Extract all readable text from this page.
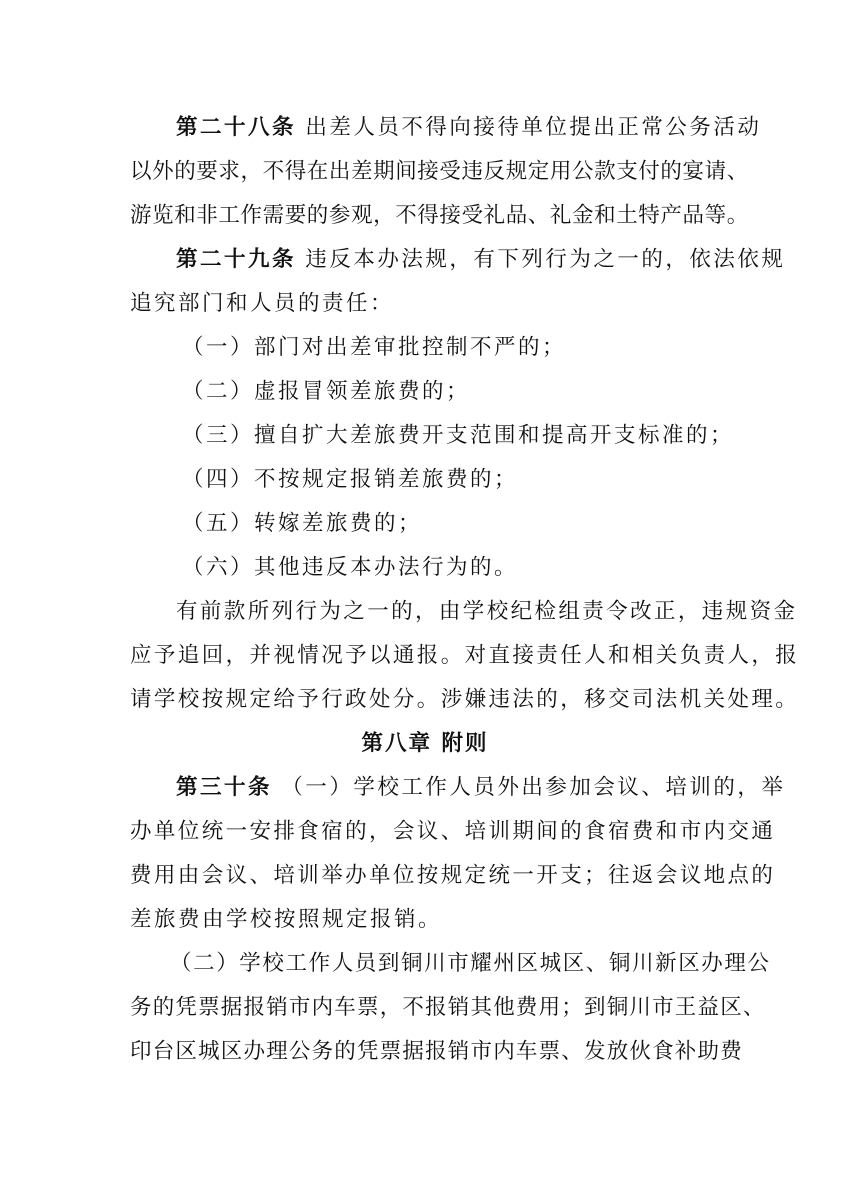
第二十八条 出差人员不得向接待单位提出正常公务活动
以外的要求，不得在出差期间接受违反规定用公款支付的宴请、
游览和非工作需要的参观，不得接受礼品、礼金和土特产品等。
第二十九条 违反本办法规，有下列行为之一的，依法依规
追究部门和人员的责任：
（一）部门对出差审批控制不严的；
（二）虚报冒领差旅费的；
（三）擅自扩大差旅费开支范围和提高开支标准的；
（四）不按规定报销差旅费的；
（五）转嫁差旅费的；
（六）其他违反本办法行为的。
有前款所列行为之一的，由学校纪检组责令改正，违规资金
应予追回，并视情况予以通报。对直接责任人和相关负责人，报
请学校按规定给予行政处分。涉嫌违法的，移交司法机关处理。
第八章 附则
第三十条 （一）学校工作人员外出参加会议、培训的，举
办单位统一安排食宿的，会议、培训期间的食宿费和市内交通
费用由会议、培训举办单位按规定统一开支；往返会议地点的
差旅费由学校按照规定报销。
（二）学校工作人员到铜川市耀州区城区、铜川新区办理公
务的凭票据报销市内车票，不报销其他费用；到铜川市王益区、
印台区城区办理公务的凭票据报销市内车票、发放伙食补助费
